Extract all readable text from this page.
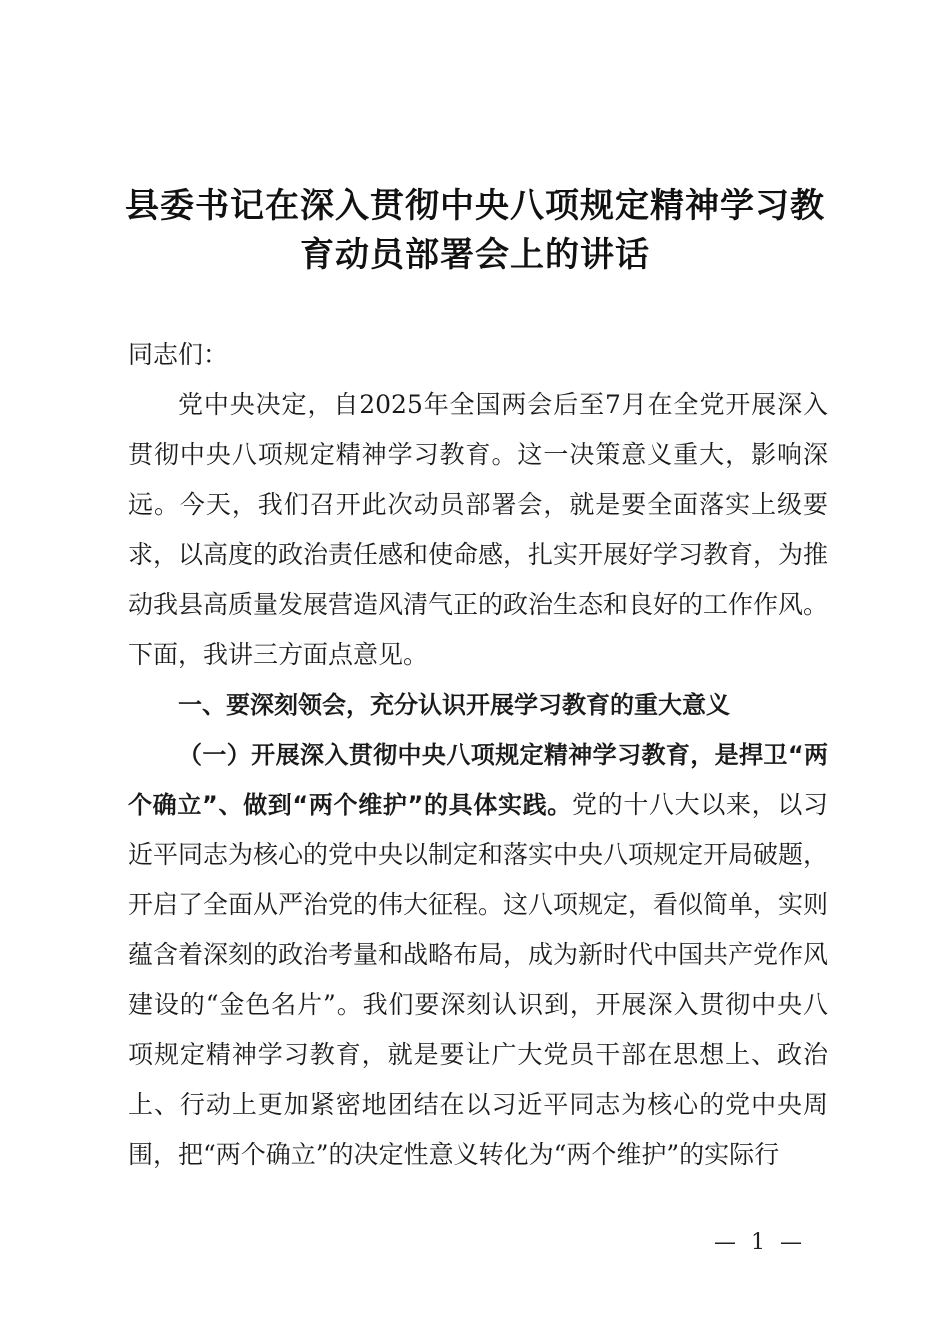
县委书记在深入贯彻中央八项规定精神学习教
育动员部署会上的讲话

同志们：

党中央决定，自2025年全国两会后至7月在全党开展深入贯彻中央八项规定精神学习教育。这一决策意义重大，影响深远。今天，我们召开此次动员部署会，就是要全面落实上级要求，以高度的政治责任感和使命感，扎实开展好学习教育，为推动我县高质量发展营造风清气正的政治生态和良好的工作作风。下面，我讲三方面点意见。

一、要深刻领会，充分认识开展学习教育的重大意义

（一）开展深入贯彻中央八项规定精神学习教育，是捍卫“两个确立”、做到“两个维护”的具体实践。党的十八大以来，以习近平同志为核心的党中央以制定和落实中央八项规定开局破题，开启了全面从严治党的伟大征程。这八项规定，看似简单，实则蕴含着深刻的政治考量和战略布局，成为新时代中国共产党作风建设的“金色名片”。我们要深刻认识到，开展深入贯彻中央八项规定精神学习教育，就是要让广大党员干部在思想上、政治上、行动上更加紧密地团结在以习近平同志为核心的党中央周围，把“两个确立”的决定性意义转化为“两个维护”的实际行

— 1 —
